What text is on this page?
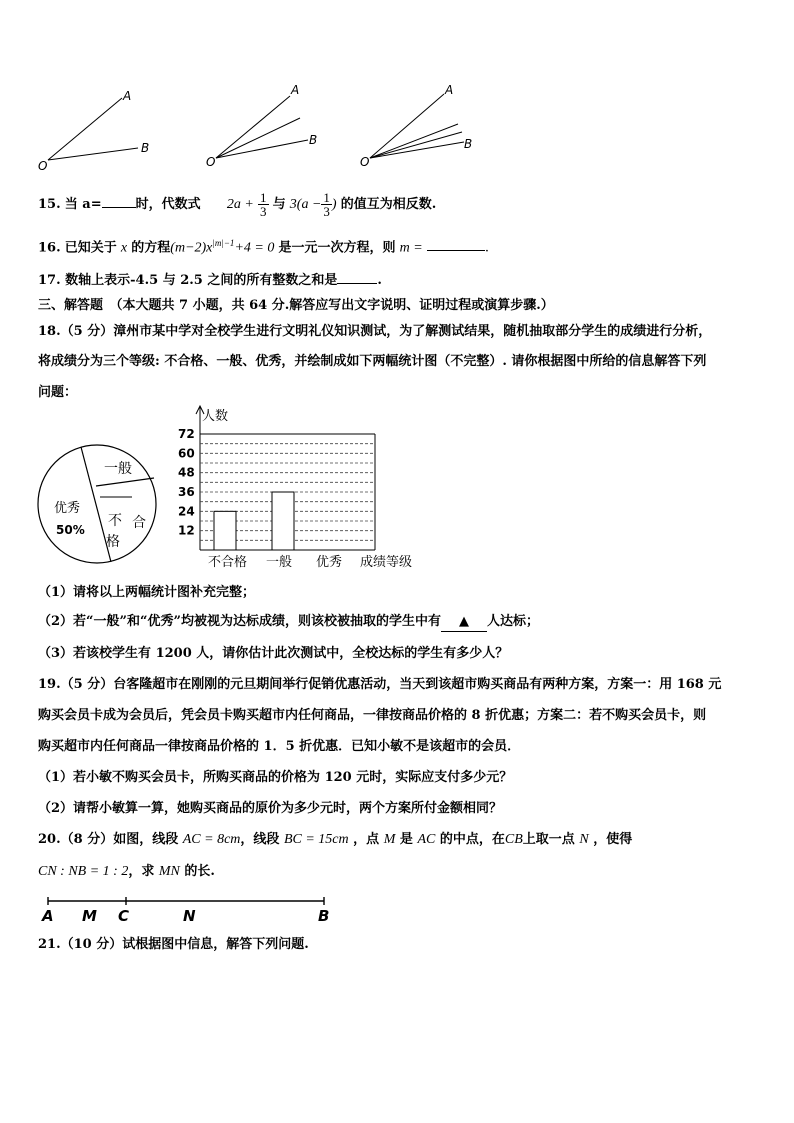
O
A
B
O
A
B
O
A
B
15. 当 a=	时，代数式 $2a + \frac{1}{3}$ 与 $3(a - \frac{1}{3}$ ) 的值互为相反数.
16. 已知关于 x 的方程$(m-2)x^{|m|-1}+4 = 0$ 是一元一次方程，则 m =	.
17. 数轴上表示-4.5 与 2.5 之间的所有整数之和是	.
三、解答题　（本大题共 7 小题，共 64 分.解答应写出文字说明、证明过程或演算步骤.）
18.（5 分）漳州市某中学对全校学生进行文明礼仪知识测试，为了解测试结果，随机抽取部分学生的成绩进行分析，
将成绩分为三个等级: 不合格、一般、优秀，并绘制成如下两幅统计图（不完整）. 请你根据图中所给的信息解答下列
问题：
一般
优秀
50%
不 合
格
12
24
36
48
60
72
不合格 一般 优秀
人数
成绩等级
（1）请将以上两幅统计图补充完整；
（2）若“一般”和“优秀”均被视为达标成绩，则该校被抽取的学生中有 ▲ 人达标；
（3）若该校学生有 1200 人，请你估计此次测试中，全校达标的学生有多少人？
19.（5 分）台客隆超市在刚刚的元旦期间举行促销优惠活动，当天到该超市购买商品有两种方案，方案一：用 168 元
购买会员卡成为会员后，凭会员卡购买超市内任何商品，一律按商品价格的 8 折优惠；方案二：若不购买会员卡，则
购买超市内任何商品一律按商品价格的 1．5 折优惠．已知小敏不是该超市的会员．
（1）若小敏不购买会员卡，所购买商品的价格为 120 元时，实际应支付多少元？
（2）请帮小敏算一算，她购买商品的原价为多少元时，两个方案所付金额相同？
20.（8 分）如图，线段 AC = 8cm，线段 BC = 15cm ，点 M 是 AC 的中点，在CB上取一点 N ，使得
CN : NB = 1 : 2，求 MN 的长.
A M C	N	B
21.（10 分）试根据图中信息，解答下列问题.
